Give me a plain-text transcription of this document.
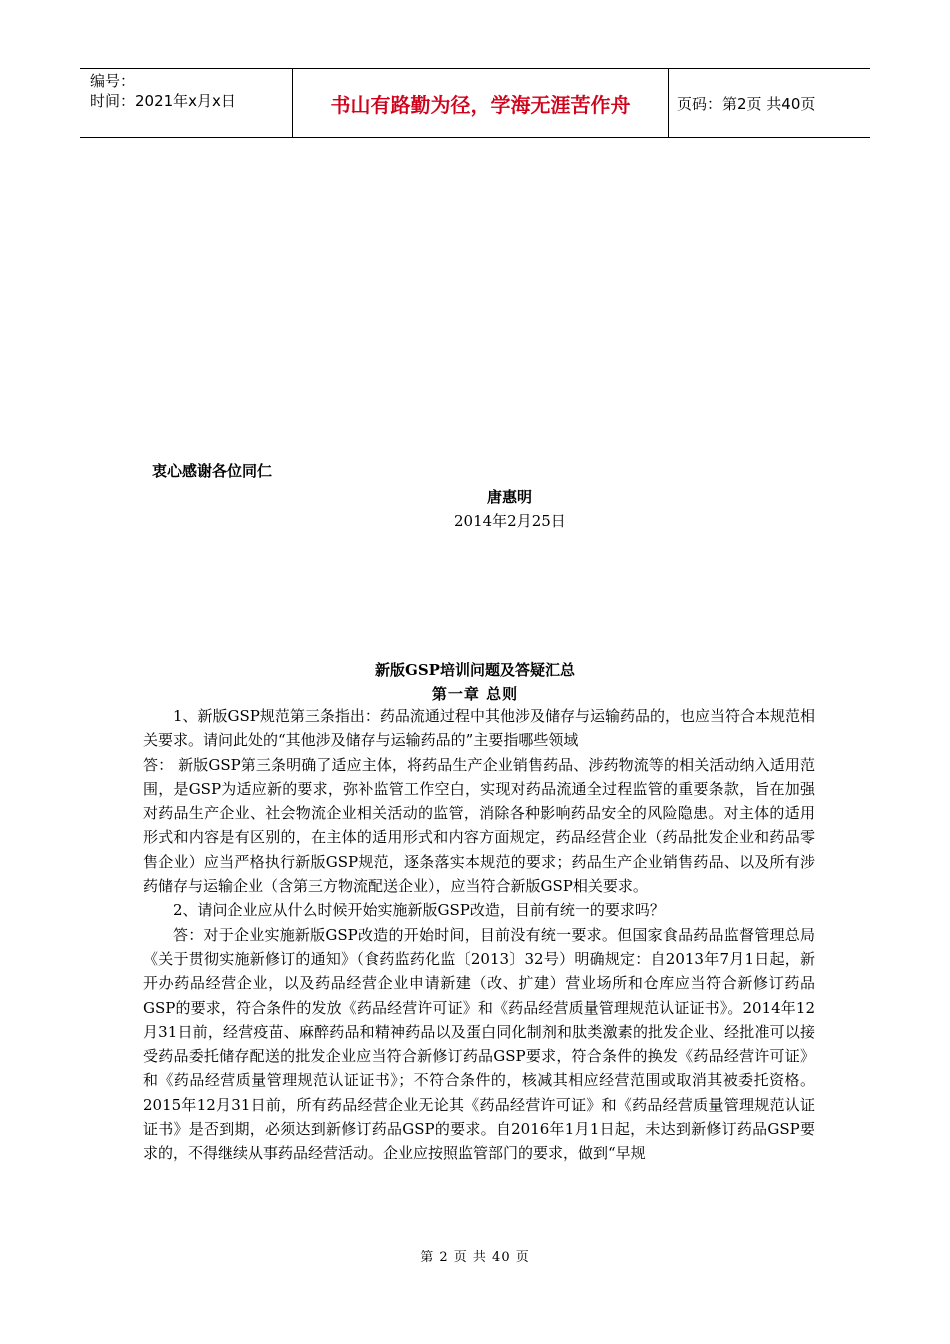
编号：
时间：2021年x月x日	书山有路勤为径，学海无涯苦作舟	页码：第2页 共40页
衷心感谢各位同仁
唐惠明
2014年2月25日
新版GSP培训问题及答疑汇总
第一章 总则

1、新版GSP规范第三条指出：药品流通过程中其他涉及储存与运输药品的，也应当符合本规范相关要求。请问此处的“其他涉及储存与运输药品的”主要指哪些领域

答： 新版GSP第三条明确了适应主体，将药品生产企业销售药品、涉药物流等的相关活动纳入适用范围，是GSP为适应新的要求，弥补监管工作空白，实现对药品流通全过程监管的重要条款，旨在加强对药品生产企业、社会物流企业相关活动的监管，消除各种影响药品安全的风险隐患。对主体的适用形式和内容是有区别的，在主体的适用形式和内容方面规定，药品经营企业（药品批发企业和药品零售企业）应当严格执行新版GSP规范，逐条落实本规范的要求；药品生产企业销售药品、以及所有涉药储存与运输企业（含第三方物流配送企业），应当符合新版GSP相关要求。

2、请问企业应从什么时候开始实施新版GSP改造，目前有统一的要求吗？

答：对于企业实施新版GSP改造的开始时间，目前没有统一要求。但国家食品药品监督管理总局《关于贯彻实施新修订的通知》（食药监药化监〔2013〕32号）明确规定：自2013年7月1日起，新开办药品经营企业，以及药品经营企业申请新建（改、扩建）营业场所和仓库应当符合新修订药品GSP的要求，符合条件的发放《药品经营许可证》和《药品经营质量管理规范认证证书》。2014年12月31日前，经营疫苗、麻醉药品和精神药品以及蛋白同化制剂和肽类激素的批发企业、经批准可以接受药品委托储存配送的批发企业应当符合新修订药品GSP要求，符合条件的换发《药品经营许可证》和《药品经营质量管理规范认证证书》；不符合条件的，核减其相应经营范围或取消其被委托资格。2015年12月31日前，所有药品经营企业无论其《药品经营许可证》和《药品经营质量管理规范认证证书》是否到期，必须达到新修订药品GSP的要求。自2016年1月1日起，未达到新修订药品GSP要求的，不得继续从事药品经营活动。企业应按照监管部门的要求，做到“早规

第 2 页 共 40 页
